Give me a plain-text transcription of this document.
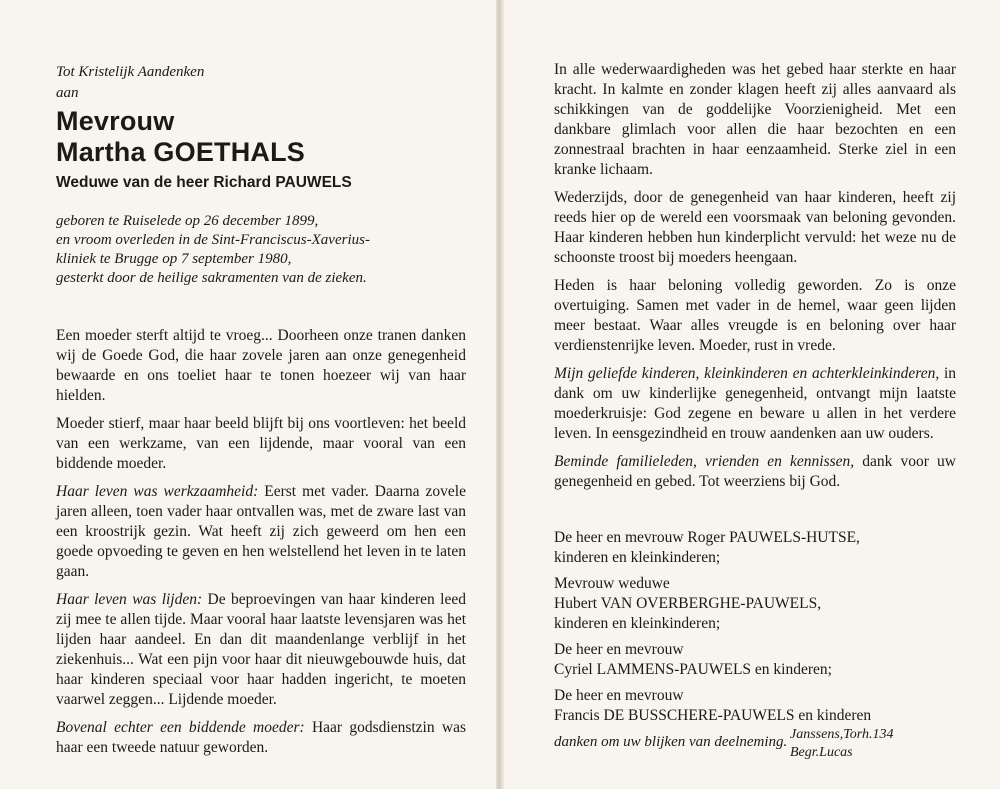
Tot Kristelijk Aandenken
aan
Mevrouw
Martha GOETHALS
Weduwe van de heer Richard PAUWELS
geboren te Ruiselede op 26 december 1899,
en vroom overleden in de Sint-Franciscus-Xaverius-
kliniek te Brugge op 7 september 1980,
gesterkt door de heilige sakramenten van de zieken.

Een moeder sterft altijd te vroeg... Doorheen onze tranen danken wij de Goede God, die haar zovele jaren aan onze genegenheid bewaarde en ons toeliet haar te tonen hoezeer wij van haar hielden.

Moeder stierf, maar haar beeld blijft bij ons voortleven: het beeld van een werkzame, van een lijdende, maar vooral van een biddende moeder.

Haar leven was werkzaamheid: Eerst met vader. Daarna zovele jaren alleen, toen vader haar ontvallen was, met de zware last van een kroostrijk gezin. Wat heeft zij zich geweerd om hen een goede opvoeding te geven en hen welstellend het leven in te laten gaan.

Haar leven was lijden: De beproevingen van haar kinderen leed zij mee te allen tijde. Maar vooral haar laatste levensjaren was het lijden haar aandeel. En dan dit maandenlange verblijf in het ziekenhuis... Wat een pijn voor haar dit nieuwgebouwde huis, dat haar kinderen speciaal voor haar hadden ingericht, te moeten vaarwel zeggen... Lijdende moeder.

Bovenal echter een biddende moeder: Haar godsdienstzin was haar een tweede natuur geworden.

In alle wederwaardigheden was het gebed haar sterkte en haar kracht. In kalmte en zonder klagen heeft zij alles aanvaard als schikkingen van de goddelijke Voorzienigheid. Met een dankbare glimlach voor allen die haar bezochten en een zonnestraal brachten in haar eenzaamheid. Sterke ziel in een kranke lichaam.

Wederzijds, door de genegenheid van haar kinderen, heeft zij reeds hier op de wereld een voorsmaak van beloning gevonden. Haar kinderen hebben hun kinderplicht vervuld: het weze nu de schoonste troost bij moeders heengaan.

Heden is haar beloning volledig geworden. Zo is onze overtuiging. Samen met vader in de hemel, waar geen lijden meer bestaat. Waar alles vreugde is en beloning over haar verdienstenrijke leven. Moeder, rust in vrede.

Mijn geliefde kinderen, kleinkinderen en achterkleinkinderen, in dank om uw kinderlijke genegenheid, ontvangt mijn laatste moederkruisje: God zegene en beware u allen in het verdere leven. In eensgezindheid en trouw aandenken aan uw ouders.

Beminde familieleden, vrienden en kennissen, dank voor uw genegenheid en gebed. Tot weerziens bij God.

De heer en mevrouw Roger PAUWELS-HUTSE,
kinderen en kleinkinderen;
Mevrouw weduwe
Hubert VAN OVERBERGHE-PAUWELS,
kinderen en kleinkinderen;
De heer en mevrouw
Cyriel LAMMENS-PAUWELS en kinderen;
De heer en mevrouw
Francis DE BUSSCHERE-PAUWELS en kinderen
danken om uw blijken van deelneming. Janssens,Torh.134
Begr.Lucas
